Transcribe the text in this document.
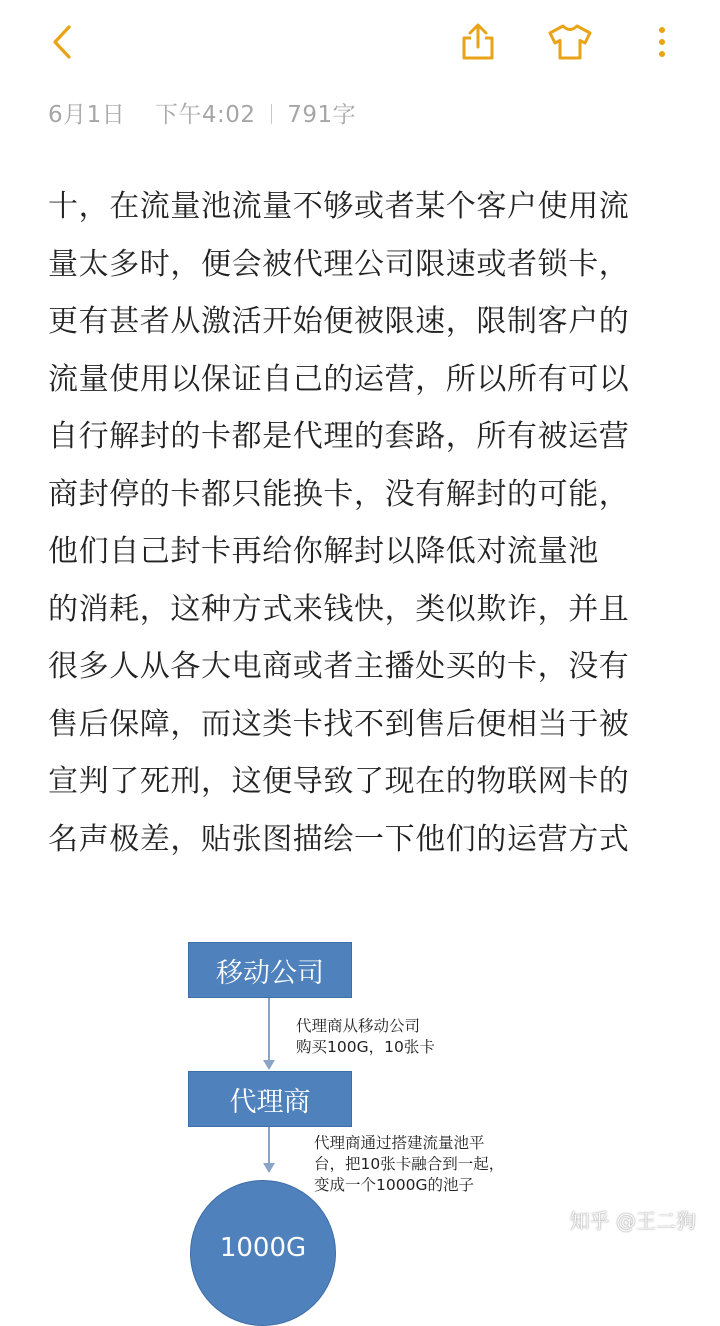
6月1日 下午4:02 791字
十，在流量池流量不够或者某个客户使用流
量太多时，便会被代理公司限速或者锁卡，
更有甚者从激活开始便被限速，限制客户的
流量使用以保证自己的运营，所以所有可以
自行解封的卡都是代理的套路，所有被运营
商封停的卡都只能换卡，没有解封的可能，
他们自己封卡再给你解封以降低对流量池
的消耗，这种方式来钱快，类似欺诈，并且
很多人从各大电商或者主播处买的卡，没有
售后保障，而这类卡找不到售后便相当于被
宣判了死刑，这便导致了现在的物联网卡的
名声极差，贴张图描绘一下他们的运营方式
移动公司
代理商从移动公司
购买100G，10张卡
代理商
代理商通过搭建流量池平
台，把10张卡融合到一起，
变成一个1000G的池子
1000G
知乎 @王二狗
